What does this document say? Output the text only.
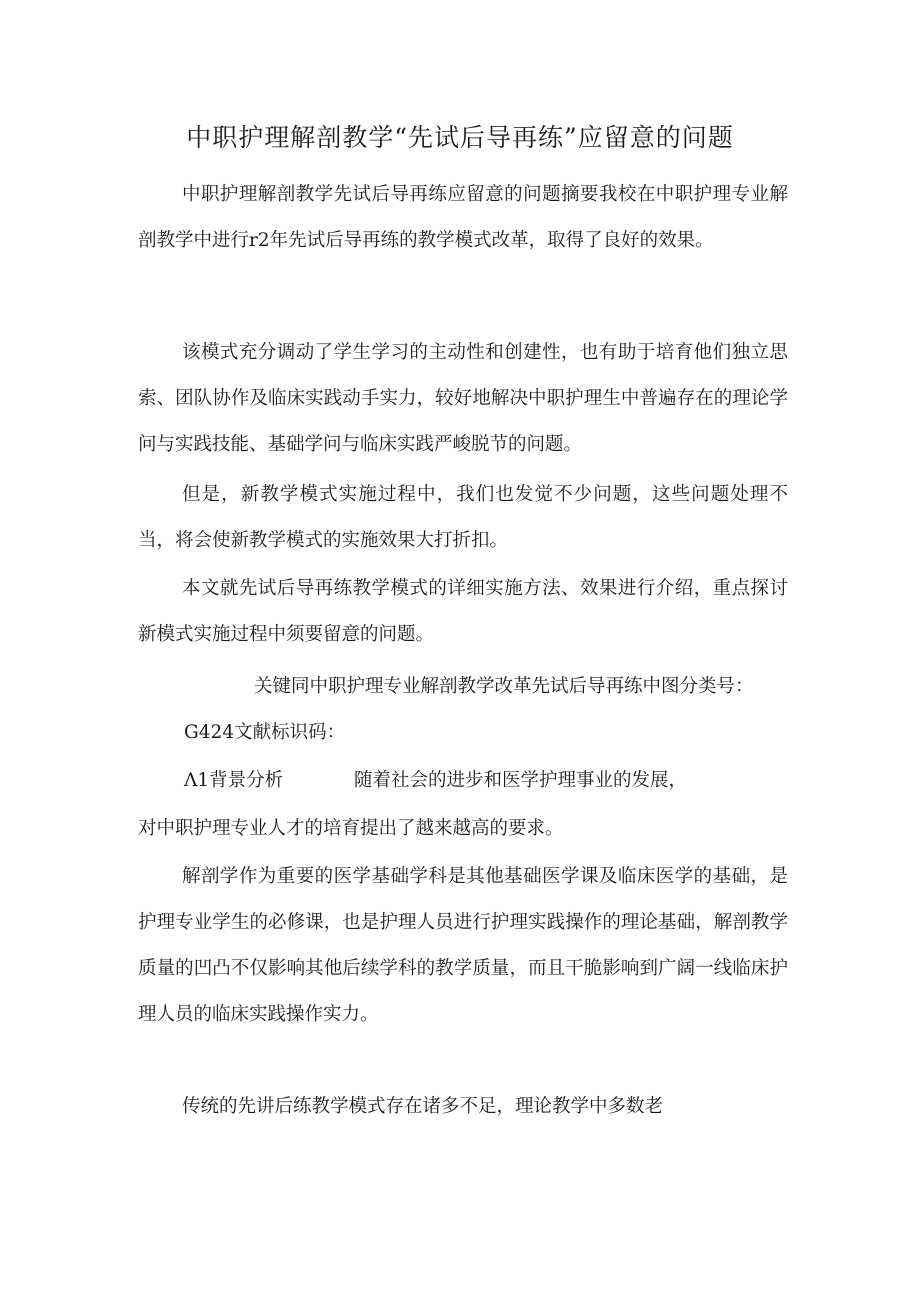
中职护理解剖教学“先试后导再练”应留意的问题

中职护理解剖教学先试后导再练应留意的问题摘要我校在中职护理专业解剖教学中进行r2年先试后导再练的教学模式改革，取得了良好的效果。

该模式充分调动了学生学习的主动性和创建性，也有助于培育他们独立思索、团队协作及临床实践动手实力，较好地解决中职护理生中普遍存在的理论学问与实践技能、基础学问与临床实践严峻脱节的问题。

但是，新教学模式实施过程中，我们也发觉不少问题，这些问题处理不当，将会使新教学模式的实施效果大打折扣。

本文就先试后导再练教学模式的详细实施方法、效果进行介绍，重点探讨新模式实施过程中须要留意的问题。

关键同中职护理专业解剖教学改革先试后导再练中图分类号：
G424文献标识码：
Λ1背景分析	随着社会的进步和医学护理事业的发展，
对中职护理专业人才的培育提出了越来越高的要求。

解剖学作为重要的医学基础学科是其他基础医学课及临床医学的基础，是护理专业学生的必修课，也是护理人员进行护理实践操作的理论基础，解剖教学质量的凹凸不仅影响其他后续学科的教学质量，而且干脆影响到广阔一线临床护理人员的临床实践操作实力。

传统的先讲后练教学模式存在诸多不足，理论教学中多数老
